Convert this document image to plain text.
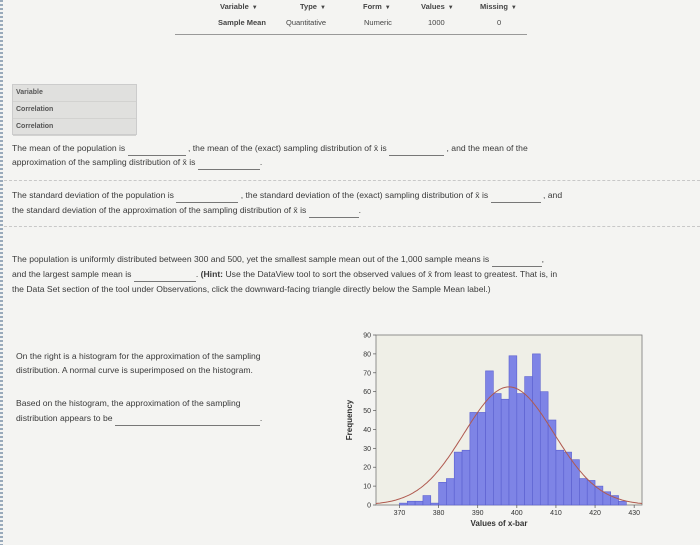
Variable ▼	Type ▼	Form ▼	Values ▼	Missing ▼
Sample Mean	Quantitative	Numeric	1000	0
Variable
Correlation
Correlation
The mean of the population is	, the mean of the (exact) sampling distribution of x̄ is	, and the mean of the
approximation of the sampling distribution of x̄ is	.
The standard deviation of the population is	, the standard deviation of the (exact) sampling distribution of x̄ is	, and
the standard deviation of the approximation of the sampling distribution of x̄ is	.
The population is uniformly distributed between 300 and 500, yet the smallest sample mean out of the 1,000 sample means is	,
and the largest sample mean is	. (Hint: Use the DataView tool to sort the observed values of x̄ from least to greatest. That is, in
the Data Set section of the tool under Observations, click the downward-facing triangle directly below the Sample Mean label.)
On the right is a histogram for the approximation of the sampling
distribution. A normal curve is superimposed on the histogram.
Based on the histogram, the approximation of the sampling
distribution appears to be	.
0
10
20
30
40
50
60
70
80
90
370	380	390	400	410	420	430
Values of x-bar
Frequency
